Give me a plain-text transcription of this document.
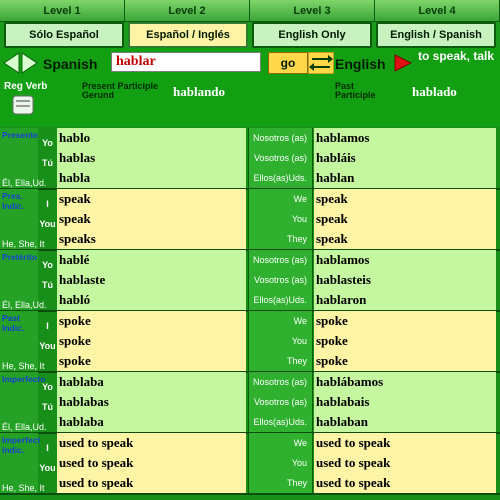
Level 1	Level 2	Level 3	Level 4
Sólo Español	Español / Inglés	English Only	English / Spanish
Spanish	hablar	go	English	to speak, talk
Reg Verb	Present Participle Gerund	hablando	Past Participle	hablado
Presente
Yo hablo	Nosotros (as) hablamos
Tú hablas	Vosotros (as) habláis
Él, Ella,Ud. habla	Ellos(as)Uds. hablan
Pres. Indic.	I speak	We speak
You speak	You speak
He, She, It	speaks	They speak
Pretérito
Yo hablé	Nosotros (as) hablamos
Tú hablaste	Vosotros (as) hablasteis
Él, Ella,Ud. habló	Ellos(as)Uds. hablaron
Past Indic.	I spoke	We spoke
You spoke	You spoke
He, She, It	spoke	They spoke
Imperfecto
Yo hablaba	Nosotros (as) hablábamos
Tú hablabas	Vosotros (as) hablabais
Él, Ella,Ud. hablaba	Ellos(as)Uds. hablaban
Imperfect Indic.	I used to speak	We used to speak
You used to speak	You used to speak
He, She, It	used to speak	They used to speak
